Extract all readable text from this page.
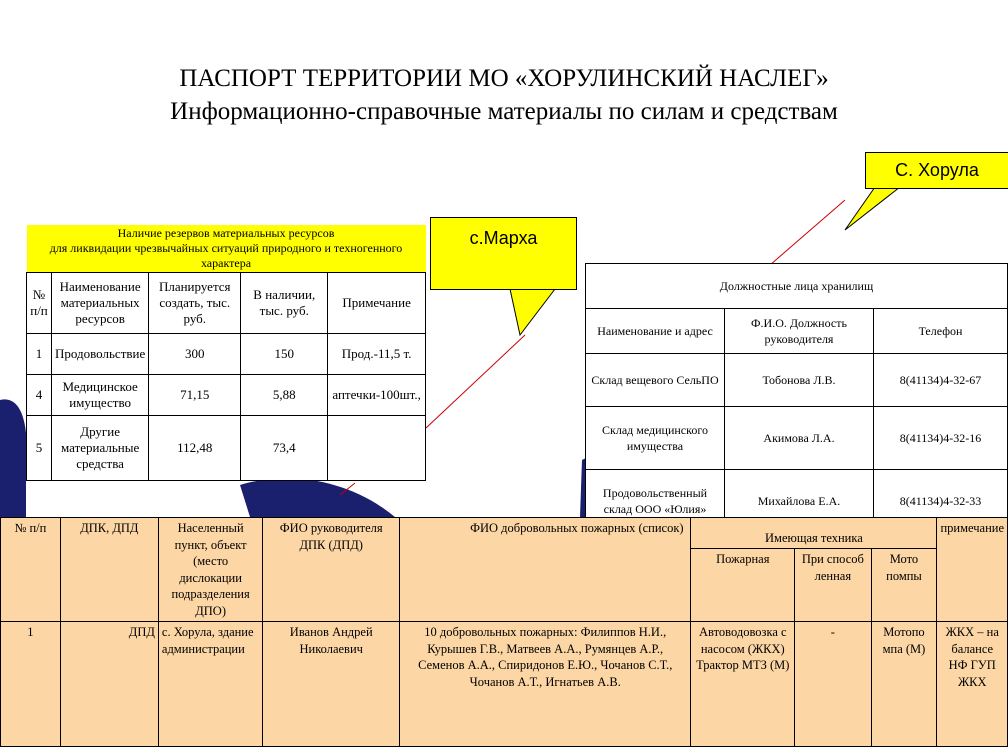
ПАСПОРТ ТЕРРИТОРИИ МО «ХОРУЛИНСКИЙ НАСЛЕГ»
Информационно-справочные материалы по силам и средствам
С. Хорула
с.Марха
Наличие резервов материальных ресурсов
для ликвидации чрезвычайных ситуаций природного и техногенного характера				

№ п/п	Наименование материальных ресурсов	Планируется создать, тыс. руб.	В наличии, тыс. руб.	Примечание
1	Продовольствие	300	150	Прод.-11,5 т.
4	Медицинское имущество	71,15	5,88	аптечки-100шт.,
5	Другие материальные средства	112,48	73,4	
Должностные лица хранилищ		
Наименование и адрес	Ф.И.О. Должность руководителя	Телефон
Склад вещевого СельПО	Тобонова Л.В.	8(41134)4-32-67
Склад медицинского имущества	Акимова Л.А.	8(41134)4-32-16
Продовольственный склад ООО «Юлия»	Михайлова Е.А.	8(41134)4-32-33
№ п/п	ДПК, ДПД	Населенный пункт, объект (место дислокации подразделения ДПО)	ФИО руководителя ДПК (ДПД)	ФИО добровольных пожарных (список)	Имеющая техника			примечание
					Пожарная	При способ ленная	Мото помпы	
1	ДПД	с. Хорула, здание администрации	Иванов Андрей Николаевич	10 добровольных пожарных: Филиппов Н.И., Курышев Г.В., Матвеев А.А., Румянцев А.Р., Семенов А.А., Спиридонов Е.Ю., Чочанов С.Т., Чочанов А.Т., Игнатьев А.В.	Автоводовозка с насосом (ЖКХ) Трактор МТЗ (М)	-	Мотопо мпа (М)	ЖКХ – на балансе НФ ГУП ЖКХ
